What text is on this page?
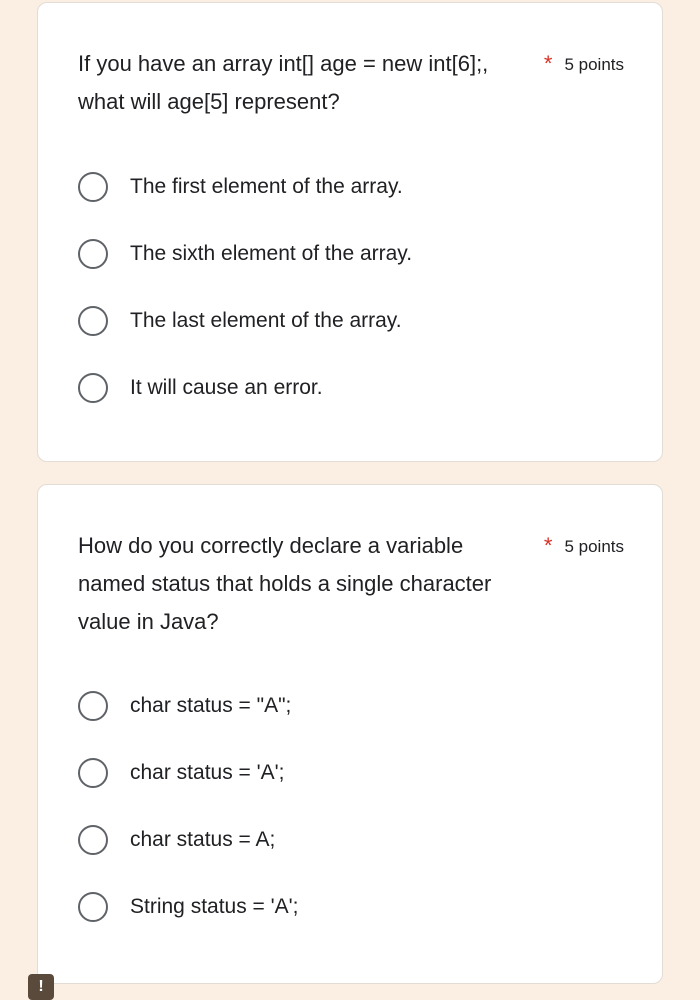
If you have an array int[] age = new int[6];, what will age[5] represent?
* 5 points
The first element of the array.
The sixth element of the array.
The last element of the array.
It will cause an error.
How do you correctly declare a variable named status that holds a single character value in Java?
* 5 points
char status = "A";
char status = 'A';
char status = A;
String status = 'A';
!
